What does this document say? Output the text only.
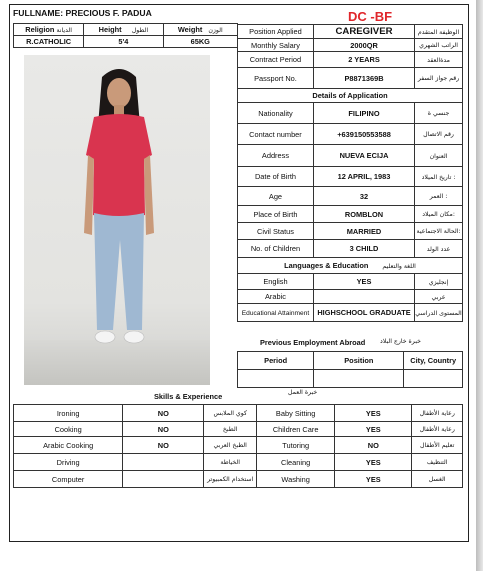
FULLNAME: PRECIOUS F. PADUA	DC -BF
Religion الديانة	Height الطول	Weight الوزن
R.CATHOLIC	5'4	65KG
Position Applied	CAREGIVER	الوظيفة المتقدم
Monthly Salary	2000QR	الراتب الشهري
Contract Period	2 YEARS	مدةالعقد
Passport No.	P8871369B	رقم جواز السفر
Details of Application		
Nationality	FILIPINO	جنسي ة
Contact number	+639150553588	رقم الاتصال
Address	NUEVA ECIJA	العنوان
Date of Birth	12 APRIL, 1983	تاريخ الميلاد :
Age	32	العمر :
Place of Birth	ROMBLON	مكان الميلاد:
Civil Status	MARRIED	الحالة الاجتماعية:
No. of Children	3 CHILD	عدد الولد
Languages & Education اللغة والتعليم		
English	YES	إنجليزي
Arabic		عربي
Educational Attainment	HIGHSCHOOL GRADUATE	المستوى الدراسي
Previous Employment Abroad خبرة خارج البلاد
Period	Position	City, Country

Skills & Experience	خبرة العمل
Ironing	NO	كوي الملابس	Baby Sitting	YES	رعاية الأطفال
Cooking	NO	الطبخ	Children Care	YES	رعاية الأطفال
Arabic Cooking	NO	الطبخ العربي	Tutoring	NO	تعليم الأطفال
Driving		الخياطة	Cleaning	YES	التنظيف
Computer		استخدام الكمبيوتر	Washing	YES	الغسل
